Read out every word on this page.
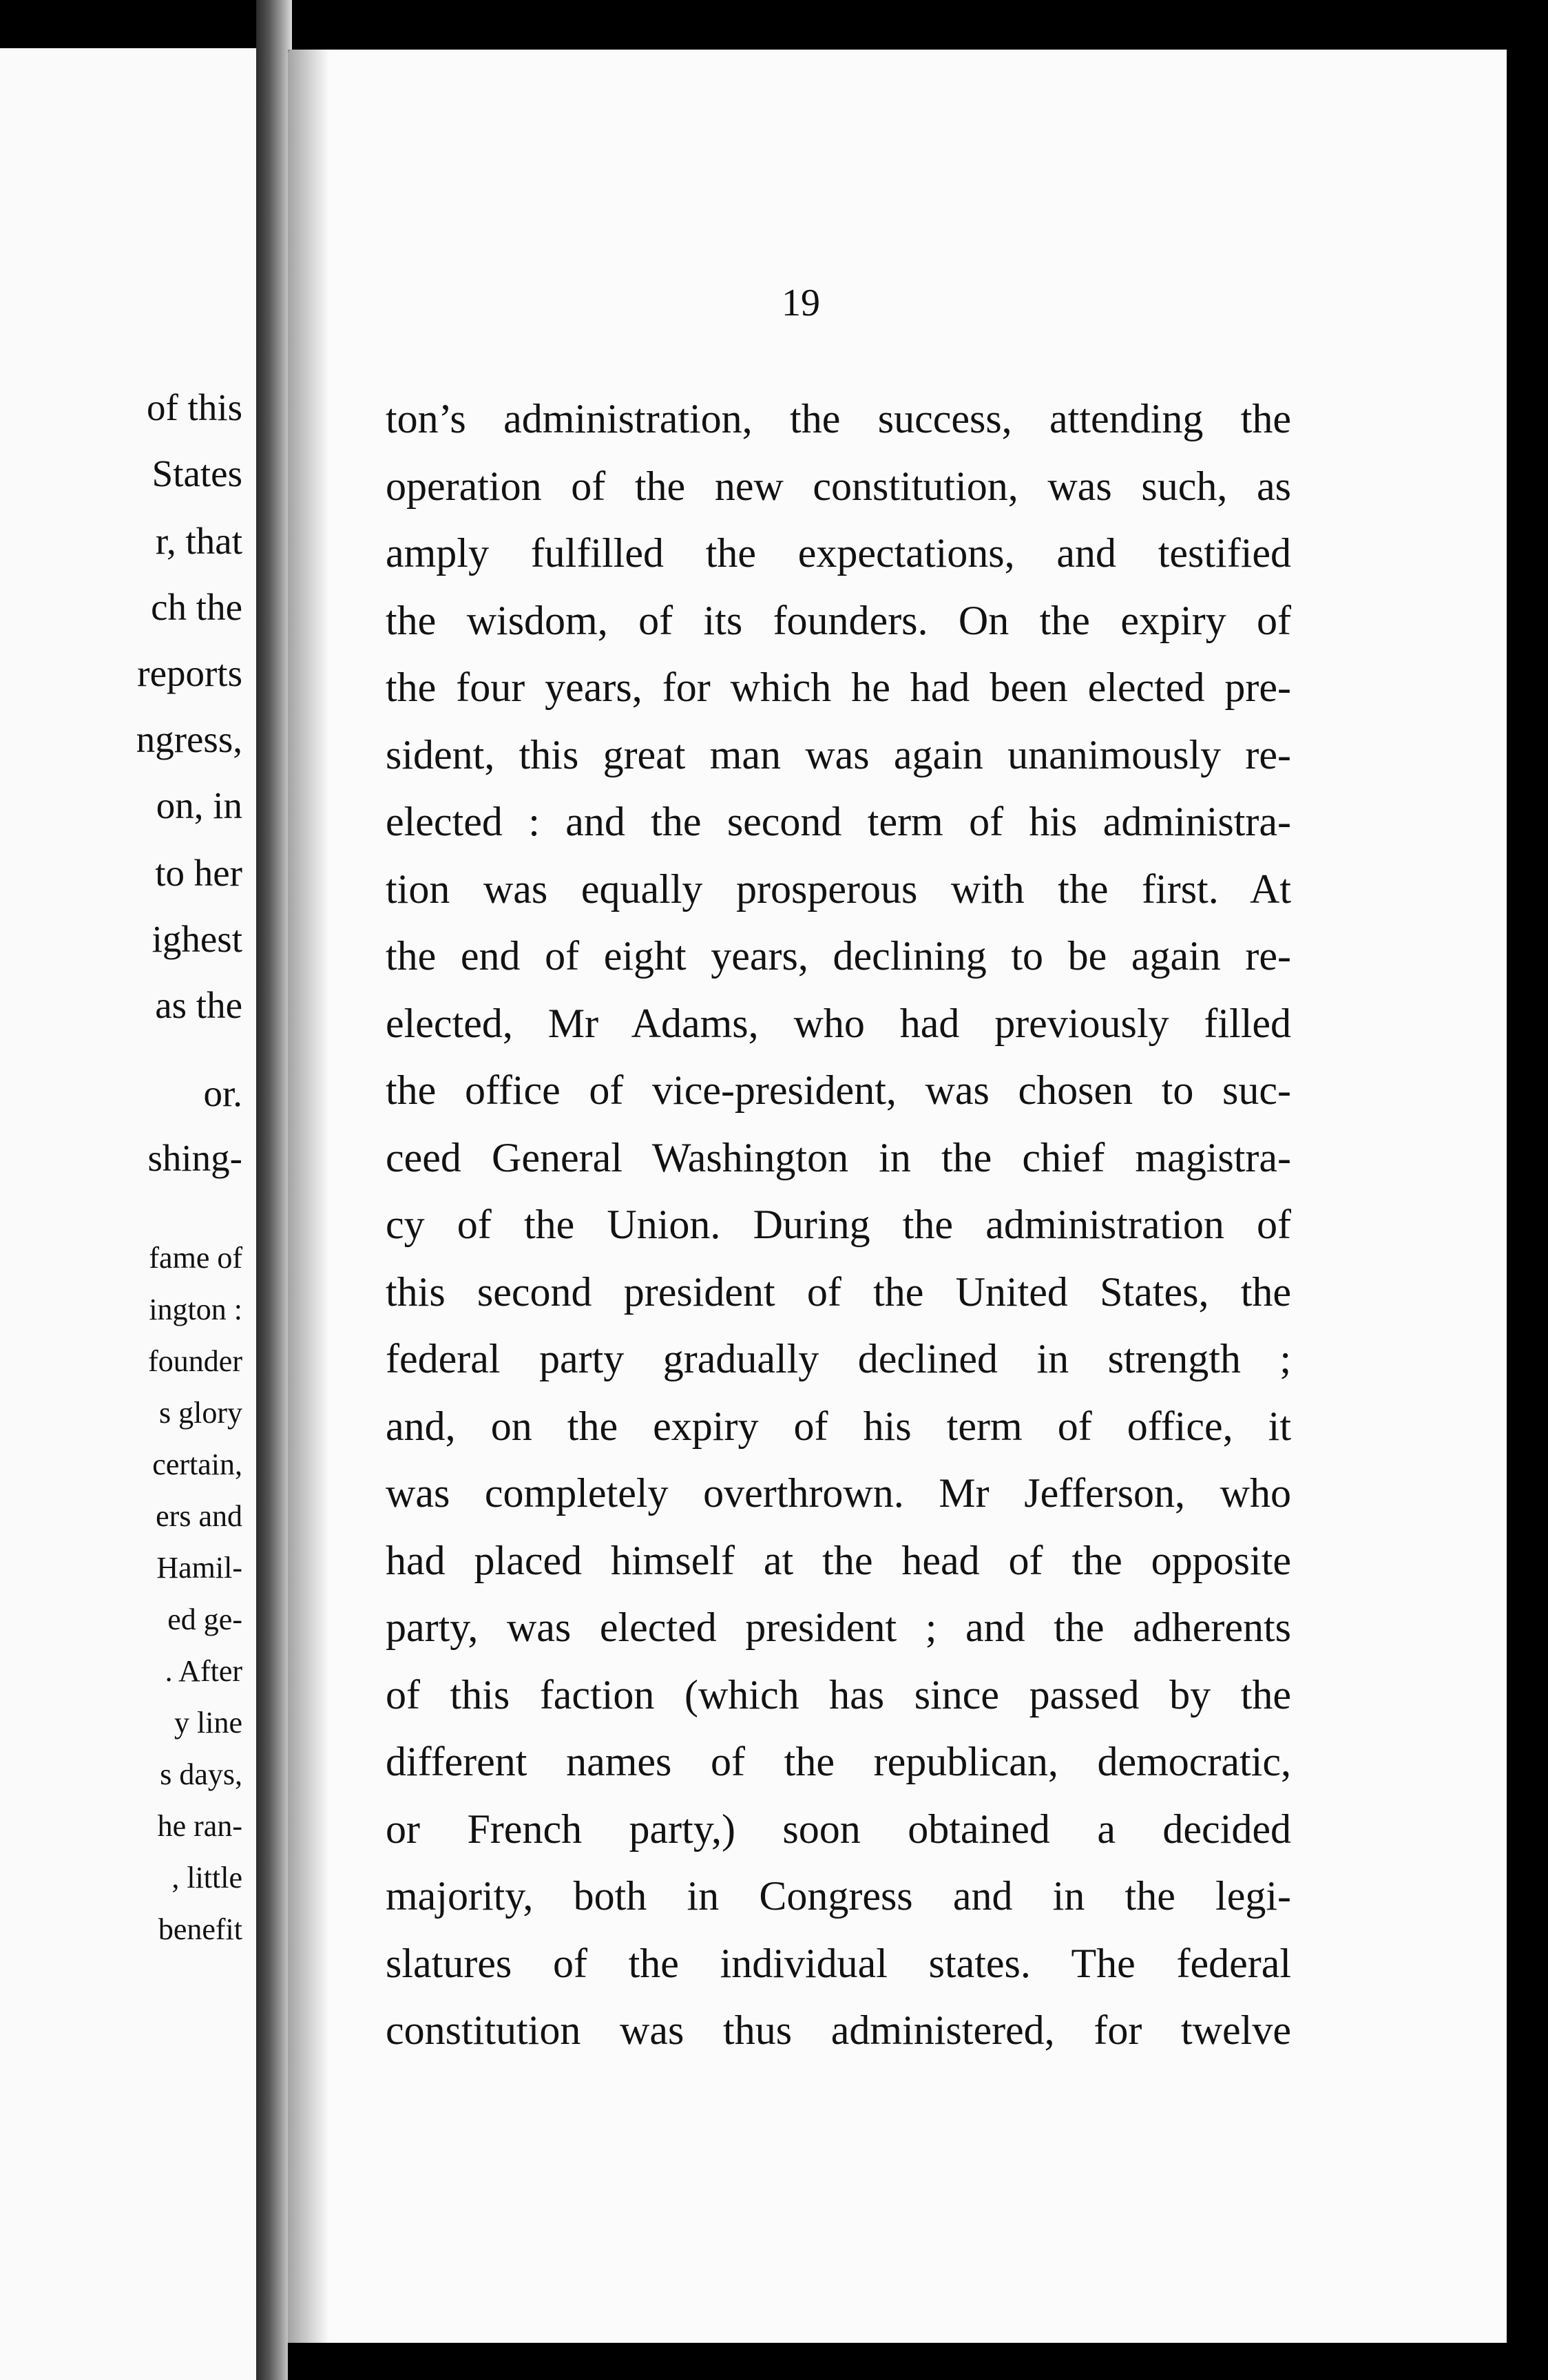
of this
States
r, that
ch the
reports
ngress,
on, in
to her
ighest
as the
or.
shing-
fame of
ington :
founder
s glory
certain,
ers and
Hamil-
ed ge-
. After
y line
s days,
he ran-
, little
benefit
19
ton’s administration, the success, attending the
operation of the new constitution, was such, as
amply fulfilled the expectations, and testified
the wisdom, of its founders. On the expiry of
the four years, for which he had been elected pre-
sident, this great man was again unanimously re-
elected : and the second term of his administra-
tion was equally prosperous with the first. At
the end of eight years, declining to be again re-
elected, Mr Adams, who had previously filled
the office of vice-president, was chosen to suc-
ceed General Washington in the chief magistra-
cy of the Union. During the administration of
this second president of the United States, the
federal party gradually declined in strength ;
and, on the expiry of his term of office, it
was completely overthrown. Mr Jefferson, who
had placed himself at the head of the opposite
party, was elected president ; and the adherents
of this faction (which has since passed by the
different names of the republican, democratic,
or French party,) soon obtained a decided
majority, both in Congress and in the legi-
slatures of the individual states. The federal
constitution was thus administered, for twelve
